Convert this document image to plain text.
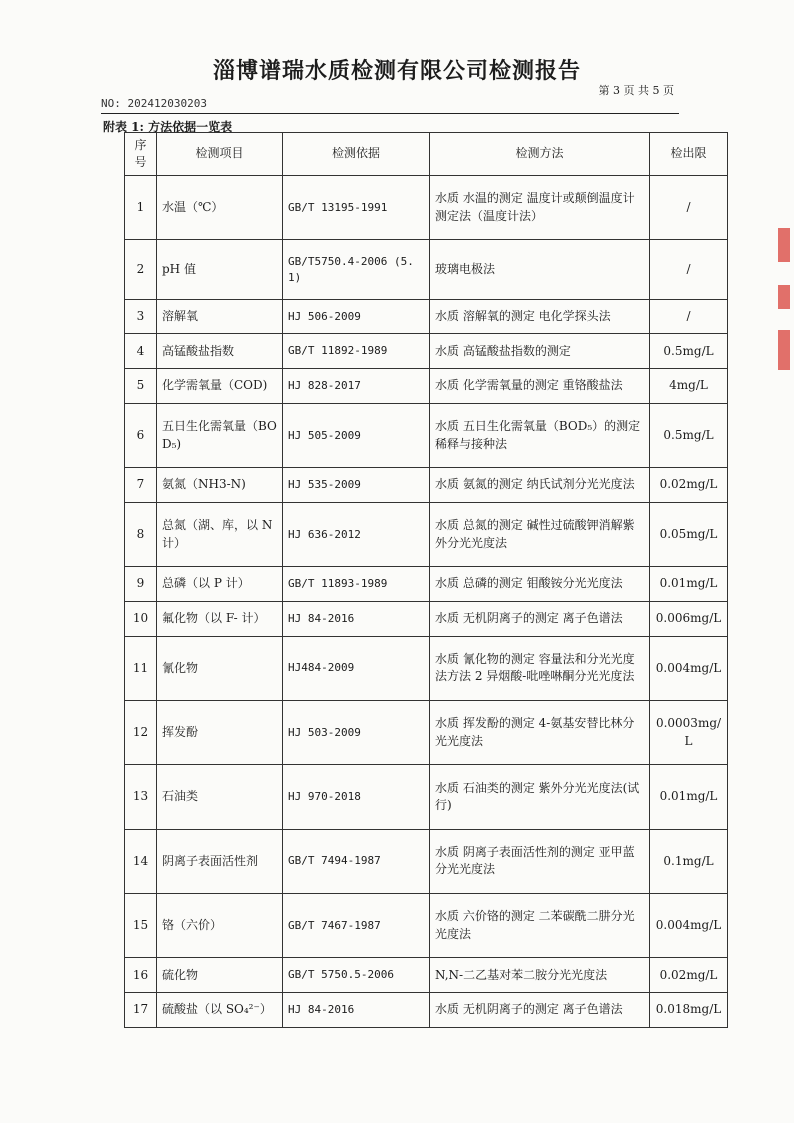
淄博谱瑞水质检测有限公司检测报告
第 3 页 共 5 页
NO: 202412030203
附表 1: 方法依据一览表
序号	检测项目	检测依据	检测方法	检出限
1	水温（℃）	GB/T 13195-1991	水质 水温的测定 温度计或颠倒温度计测定法（温度计法）	/
2	pH 值	GB/T5750.4-2006 (5.1)	玻璃电极法	/
3	溶解氧	HJ 506-2009	水质 溶解氧的测定 电化学探头法	/
4	高锰酸盐指数	GB/T 11892-1989	水质 高锰酸盐指数的测定	0.5mg/L
5	化学需氧量（COD)	HJ 828-2017	水质 化学需氧量的测定 重铬酸盐法	4mg/L
6	五日生化需氧量（BOD₅)	HJ 505-2009	水质 五日生化需氧量（BOD₅）的测定 稀释与接种法	0.5mg/L
7	氨氮（NH3-N)	HJ 535-2009	水质 氨氮的测定 纳氏试剂分光光度法	0.02mg/L
8	总氮（湖、库，以 N 计）	HJ 636-2012	水质 总氮的测定 碱性过硫酸钾消解紫外分光光度法	0.05mg/L
9	总磷（以 P 计）	GB/T 11893-1989	水质 总磷的测定 钼酸铵分光光度法	0.01mg/L
10	氟化物（以 F- 计）	HJ 84-2016	水质 无机阴离子的测定 离子色谱法	0.006mg/L
11	氰化物	HJ484-2009	水质 氰化物的测定 容量法和分光光度法方法 2 异烟酸-吡唑啉酮分光光度法	0.004mg/L
12	挥发酚	HJ 503-2009	水质 挥发酚的测定 4-氨基安替比林分光光度法	0.0003mg/L
13	石油类	HJ 970-2018	水质 石油类的测定 紫外分光光度法(试行)	0.01mg/L
14	阴离子表面活性剂	GB/T 7494-1987	水质 阴离子表面活性剂的测定 亚甲蓝分光光度法	0.1mg/L
15	铬（六价）	GB/T 7467-1987	水质 六价铬的测定 二苯碳酰二肼分光光度法	0.004mg/L
16	硫化物	GB/T 5750.5-2006	N,N-二乙基对苯二胺分光光度法	0.02mg/L
17	硫酸盐（以 SO₄²⁻）	HJ 84-2016	水质 无机阴离子的测定 离子色谱法	0.018mg/L
